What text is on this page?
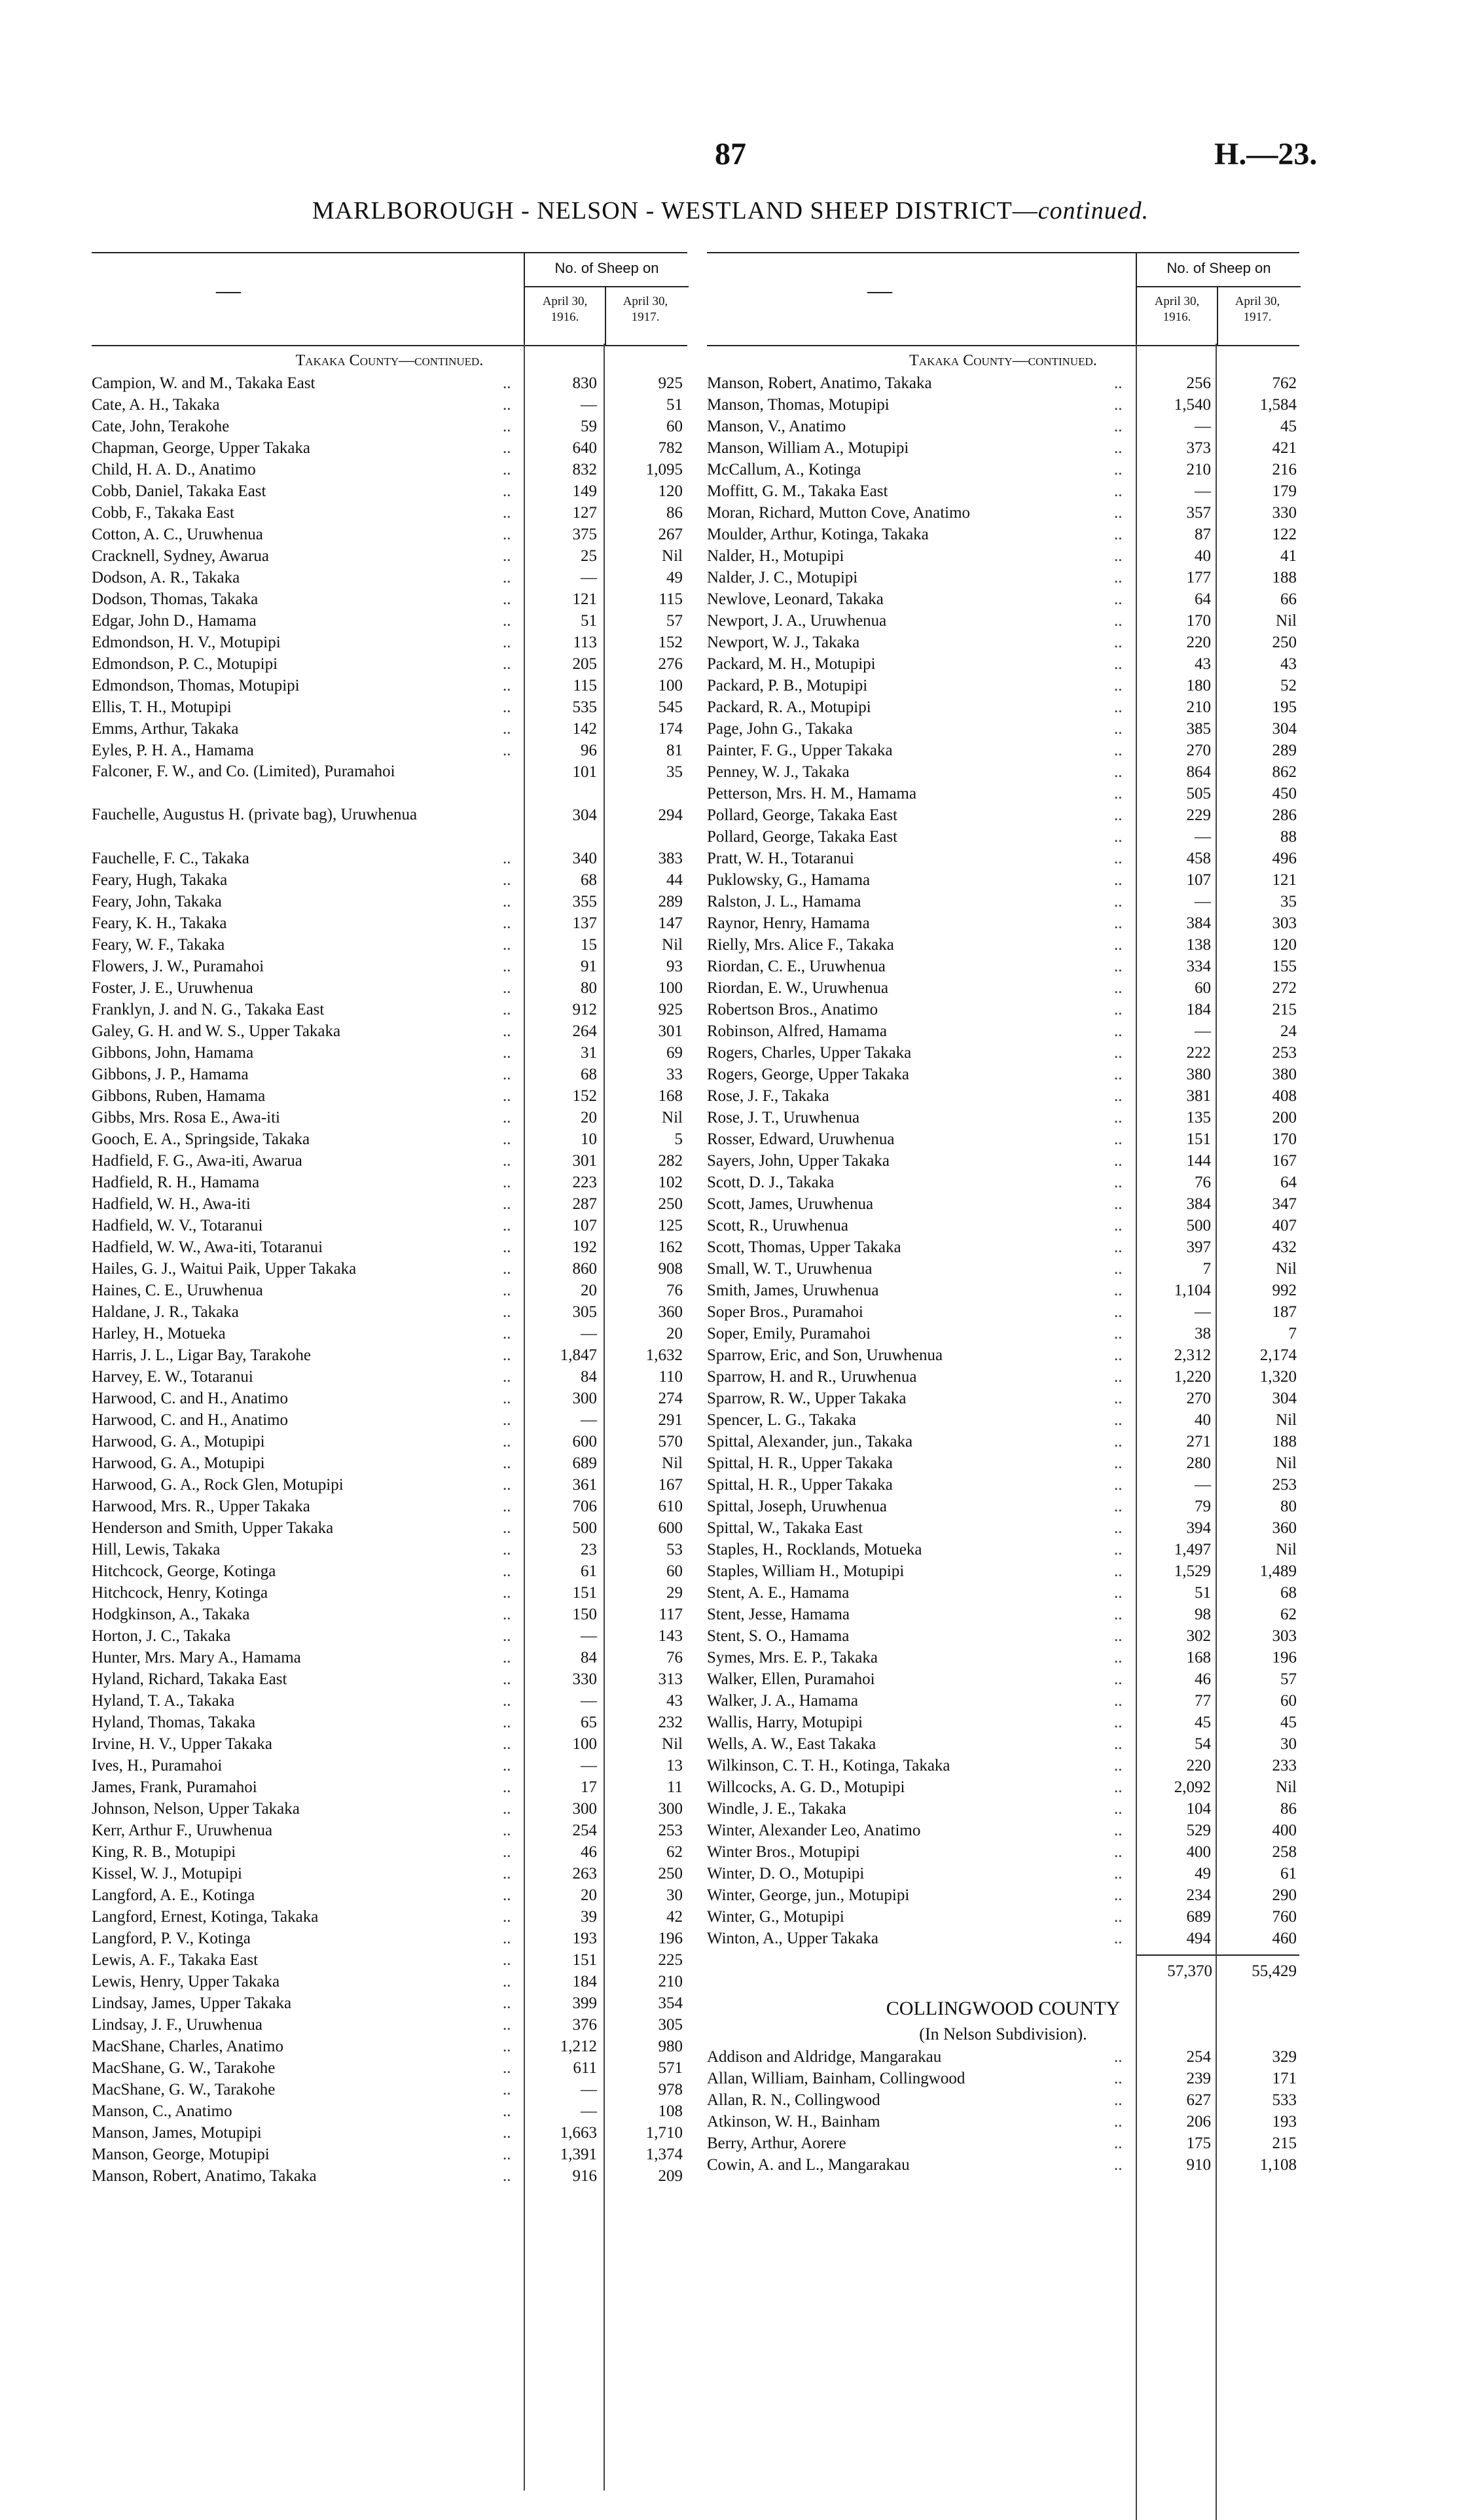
87	H.—23.
MARLBOROUGH - NELSON - WESTLAND SHEEP DISTRICT—continued.
—
No. of Sheep on
April 30, 1916.
April 30, 1917.
Takaka County—continued.
Campion, W. and M., Takaka East	..	830	925
Cate, A. H., Takaka	..	—	51
Cate, John, Terakohe	..	59	60
Chapman, George, Upper Takaka	..	640	782
Child, H. A. D., Anatimo	..	832	1,095
Cobb, Daniel, Takaka East	..	149	120
Cobb, F., Takaka East	..	127	86
Cotton, A. C., Uruwhenua	..	375	267
Cracknell, Sydney, Awarua	..	25	Nil
Dodson, A. R., Takaka	..	—	49
Dodson, Thomas, Takaka	..	121	115
Edgar, John D., Hamama	..	51	57
Edmondson, H. V., Motupipi	..	113	152
Edmondson, P. C., Motupipi	..	205	276
Edmondson, Thomas, Motupipi	..	115	100
Ellis, T. H., Motupipi	..	535	545
Emms, Arthur, Takaka	..	142	174
Eyles, P. H. A., Hamama	..	96	81
Falconer, F. W., and Co. (Limited), Puramahoi	101	35
Fauchelle, Augustus H. (private bag), Uruwhenua	304	294
Fauchelle, F. C., Takaka	..	340	383
Feary, Hugh, Takaka	..	68	44
Feary, John, Takaka	..	355	289
Feary, K. H., Takaka	..	137	147
Feary, W. F., Takaka	..	15	Nil
Flowers, J. W., Puramahoi	..	91	93
Foster, J. E., Uruwhenua	..	80	100
Franklyn, J. and N. G., Takaka East	..	912	925
Galey, G. H. and W. S., Upper Takaka	..	264	301
Gibbons, John, Hamama	..	31	69
Gibbons, J. P., Hamama	..	68	33
Gibbons, Ruben, Hamama	..	152	168
Gibbs, Mrs. Rosa E., Awa-iti	..	20	Nil
Gooch, E. A., Springside, Takaka	..	10	5
Hadfield, F. G., Awa-iti, Awarua	..	301	282
Hadfield, R. H., Hamama	..	223	102
Hadfield, W. H., Awa-iti	..	287	250
Hadfield, W. V., Totaranui	..	107	125
Hadfield, W. W., Awa-iti, Totaranui	..	192	162
Hailes, G. J., Waitui Paik, Upper Takaka	..	860	908
Haines, C. E., Uruwhenua	..	20	76
Haldane, J. R., Takaka	..	305	360
Harley, H., Motueka	..	—	20
Harris, J. L., Ligar Bay, Tarakohe	..	1,847	1,632
Harvey, E. W., Totaranui	..	84	110
Harwood, C. and H., Anatimo	..	300	274
Harwood, C. and H., Anatimo	..	—	291
Harwood, G. A., Motupipi	..	600	570
Harwood, G. A., Motupipi	..	689	Nil
Harwood, G. A., Rock Glen, Motupipi	..	361	167
Harwood, Mrs. R., Upper Takaka	..	706	610
Henderson and Smith, Upper Takaka	..	500	600
Hill, Lewis, Takaka	..	23	53
Hitchcock, George, Kotinga	..	61	60
Hitchcock, Henry, Kotinga	..	151	29
Hodgkinson, A., Takaka	..	150	117
Horton, J. C., Takaka	..	—	143
Hunter, Mrs. Mary A., Hamama	..	84	76
Hyland, Richard, Takaka East	..	330	313
Hyland, T. A., Takaka	..	—	43
Hyland, Thomas, Takaka	..	65	232
Irvine, H. V., Upper Takaka	..	100	Nil
Ives, H., Puramahoi	..	—	13
James, Frank, Puramahoi	..	17	11
Johnson, Nelson, Upper Takaka	..	300	300
Kerr, Arthur F., Uruwhenua	..	254	253
King, R. B., Motupipi	..	46	62
Kissel, W. J., Motupipi	..	263	250
Langford, A. E., Kotinga	..	20	30
Langford, Ernest, Kotinga, Takaka	..	39	42
Langford, P. V., Kotinga	..	193	196
Lewis, A. F., Takaka East	..	151	225
Lewis, Henry, Upper Takaka	..	184	210
Lindsay, James, Upper Takaka	..	399	354
Lindsay, J. F., Uruwhenua	..	376	305
MacShane, Charles, Anatimo	..	1,212	980
MacShane, G. W., Tarakohe	..	611	571
MacShane, G. W., Tarakohe	..	—	978
Manson, C., Anatimo	..	—	108
Manson, James, Motupipi	..	1,663	1,710
Manson, George, Motupipi	..	1,391	1,374
Manson, Robert, Anatimo, Takaka	..	916	209
—
No. of Sheep on
April 30, 1916.
April 30, 1917.
Takaka County—continued.
Manson, Robert, Anatimo, Takaka	..	256	762
Manson, Thomas, Motupipi	..	1,540	1,584
Manson, V., Anatimo	..	—	45
Manson, William A., Motupipi	..	373	421
McCallum, A., Kotinga	..	210	216
Moffitt, G. M., Takaka East	..	—	179
Moran, Richard, Mutton Cove, Anatimo	..	357	330
Moulder, Arthur, Kotinga, Takaka	..	87	122
Nalder, H., Motupipi	..	40	41
Nalder, J. C., Motupipi	..	177	188
Newlove, Leonard, Takaka	..	64	66
Newport, J. A., Uruwhenua	..	170	Nil
Newport, W. J., Takaka	..	220	250
Packard, M. H., Motupipi	..	43	43
Packard, P. B., Motupipi	..	180	52
Packard, R. A., Motupipi	..	210	195
Page, John G., Takaka	..	385	304
Painter, F. G., Upper Takaka	..	270	289
Penney, W. J., Takaka	..	864	862
Petterson, Mrs. H. M., Hamama	..	505	450
Pollard, George, Takaka East	..	229	286
Pollard, George, Takaka East	..	—	88
Pratt, W. H., Totaranui	..	458	496
Puklowsky, G., Hamama	..	107	121
Ralston, J. L., Hamama	..	—	35
Raynor, Henry, Hamama	..	384	303
Rielly, Mrs. Alice F., Takaka	..	138	120
Riordan, C. E., Uruwhenua	..	334	155
Riordan, E. W., Uruwhenua	..	60	272
Robertson Bros., Anatimo	..	184	215
Robinson, Alfred, Hamama	..	—	24
Rogers, Charles, Upper Takaka	..	222	253
Rogers, George, Upper Takaka	..	380	380
Rose, J. F., Takaka	..	381	408
Rose, J. T., Uruwhenua	..	135	200
Rosser, Edward, Uruwhenua	..	151	170
Sayers, John, Upper Takaka	..	144	167
Scott, D. J., Takaka	..	76	64
Scott, James, Uruwhenua	..	384	347
Scott, R., Uruwhenua	..	500	407
Scott, Thomas, Upper Takaka	..	397	432
Small, W. T., Uruwhenua	..	7	Nil
Smith, James, Uruwhenua	..	1,104	992
Soper Bros., Puramahoi	..	—	187
Soper, Emily, Puramahoi	..	38	7
Sparrow, Eric, and Son, Uruwhenua	..	2,312	2,174
Sparrow, H. and R., Uruwhenua	..	1,220	1,320
Sparrow, R. W., Upper Takaka	..	270	304
Spencer, L. G., Takaka	..	40	Nil
Spittal, Alexander, jun., Takaka	..	271	188
Spittal, H. R., Upper Takaka	..	280	Nil
Spittal, H. R., Upper Takaka	..	—	253
Spittal, Joseph, Uruwhenua	..	79	80
Spittal, W., Takaka East	..	394	360
Staples, H., Rocklands, Motueka	..	1,497	Nil
Staples, William H., Motupipi	..	1,529	1,489
Stent, A. E., Hamama	..	51	68
Stent, Jesse, Hamama	..	98	62
Stent, S. O., Hamama	..	302	303
Symes, Mrs. E. P., Takaka	..	168	196
Walker, Ellen, Puramahoi	..	46	57
Walker, J. A., Hamama	..	77	60
Wallis, Harry, Motupipi	..	45	45
Wells, A. W., East Takaka	..	54	30
Wilkinson, C. T. H., Kotinga, Takaka	..	220	233
Willcocks, A. G. D., Motupipi	..	2,092	Nil
Windle, J. E., Takaka	..	104	86
Winter, Alexander Leo, Anatimo	..	529	400
Winter Bros., Motupipi	..	400	258
Winter, D. O., Motupipi	..	49	61
Winter, George, jun., Motupipi	..	234	290
Winter, G., Motupipi	..	689	760
Winton, A., Upper Takaka	..	494	460
57,370	55,429
COLLINGWOOD COUNTY
(In Nelson Subdivision).
Addison and Aldridge, Mangarakau	..	254	329
Allan, William, Bainham, Collingwood	..	239	171
Allan, R. N., Collingwood	..	627	533
Atkinson, W. H., Bainham	..	206	193
Berry, Arthur, Aorere	..	175	215
Cowin, A. and L., Mangarakau	..	910	1,108
